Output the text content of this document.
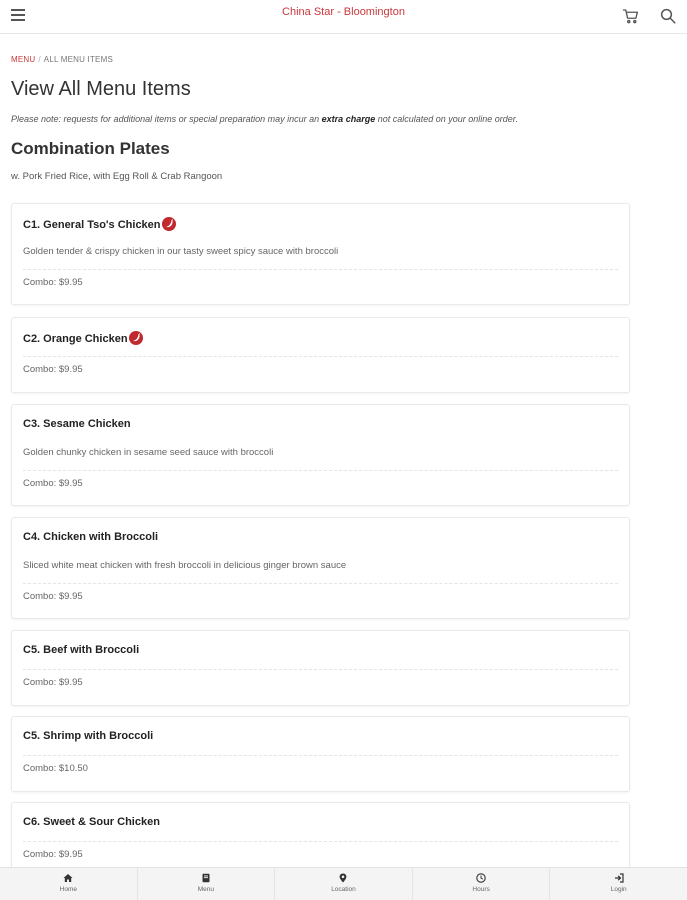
China Star - Bloomington
MENU / ALL MENU ITEMS
View All Menu Items
Please note: requests for additional items or special preparation may incur an extra charge not calculated on your online order.
Combination Plates
w. Pork Fried Rice, with Egg Roll & Crab Rangoon
C1. General Tso's Chicken
Golden tender & crispy chicken in our tasty sweet spicy sauce with broccoli
Combo: $9.95
C2. Orange Chicken
Combo: $9.95
C3. Sesame Chicken
Golden chunky chicken in sesame seed sauce with broccoli
Combo: $9.95
C4. Chicken with Broccoli
Sliced white meat chicken with fresh broccoli in delicious ginger brown sauce
Combo: $9.95
C5. Beef with Broccoli
Combo: $9.95
C5. Shrimp with Broccoli
Combo: $10.50
C6. Sweet & Sour Chicken
Combo: $9.95
Home	Menu	Location	Hours	Login
